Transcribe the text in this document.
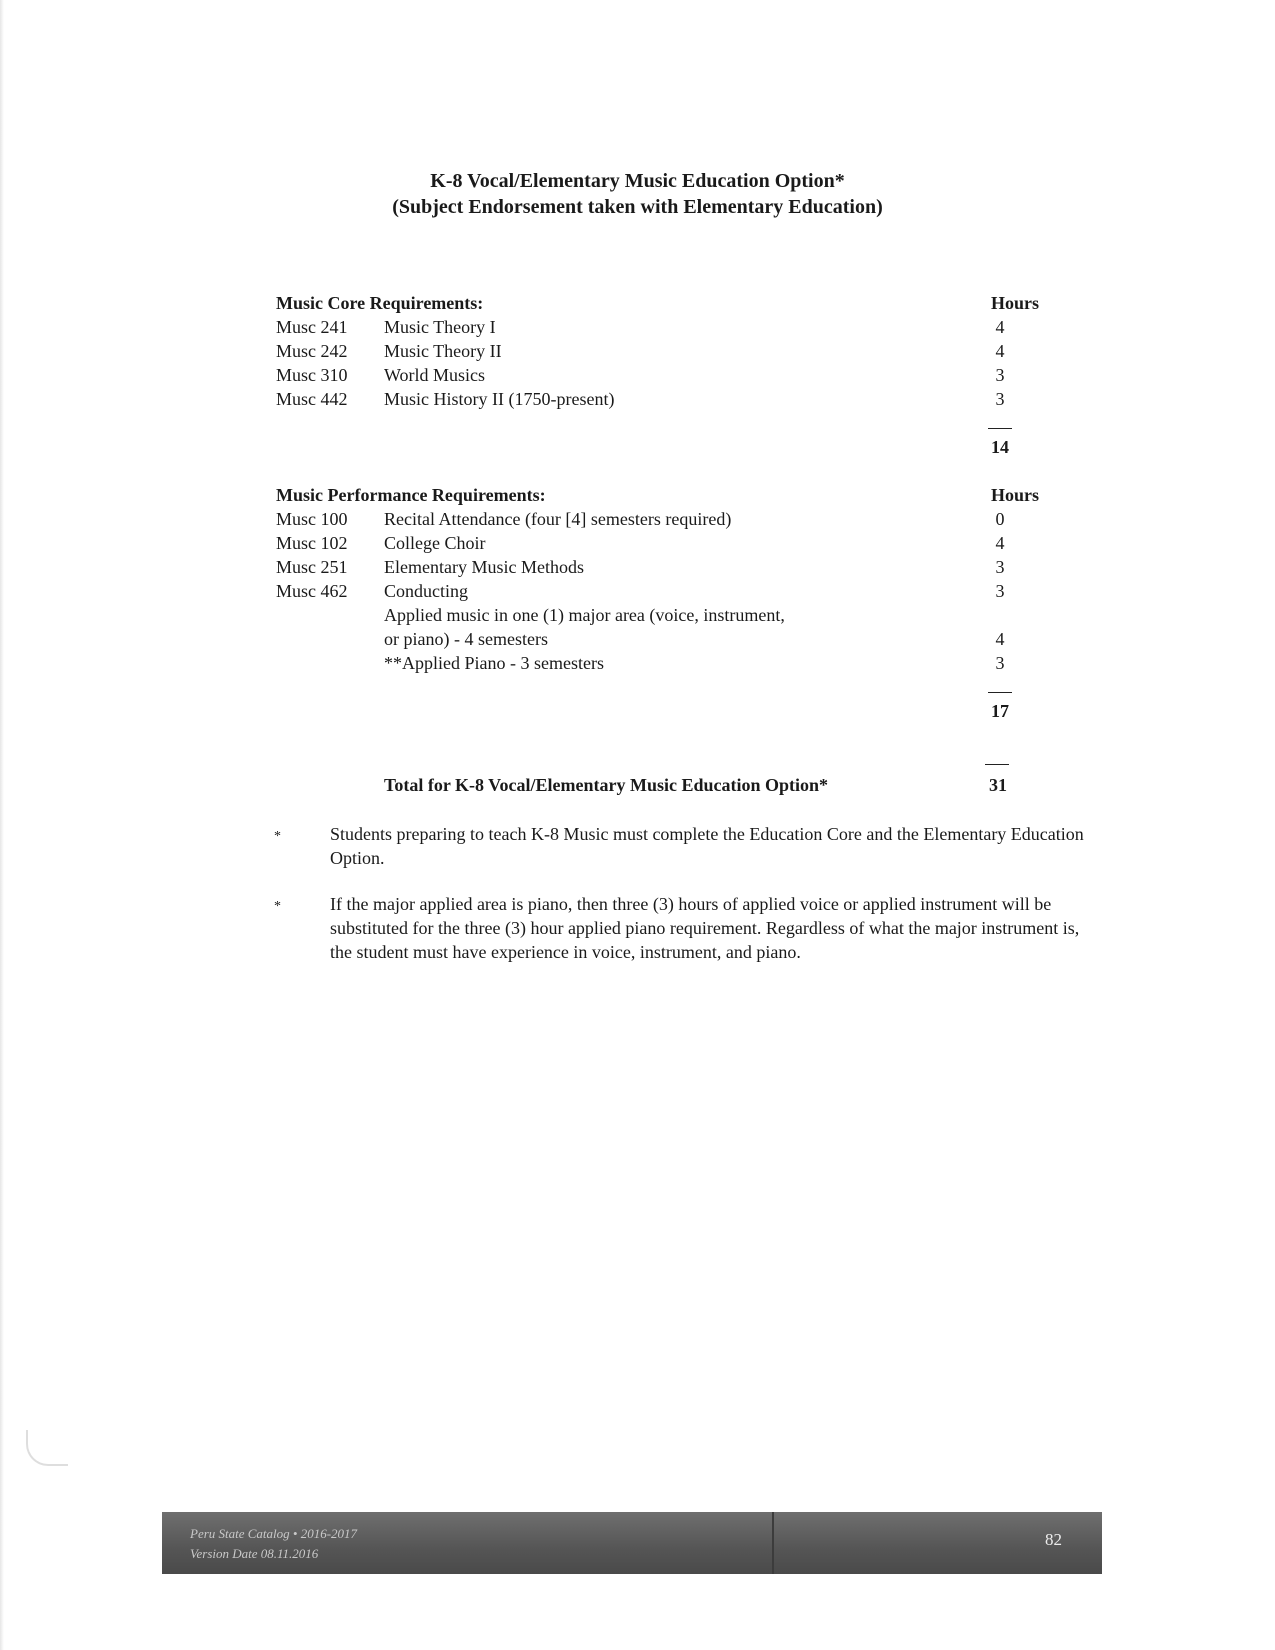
K-8 Vocal/Elementary Music Education Option*
(Subject Endorsement taken with Elementary Education)
Music Core Requirements:	Hours
Musc 241	Music Theory I	4
Musc 242	Music Theory II	4
Musc 310	World Musics	3
Musc 442	Music History II (1750-present)	3
14
Music Performance Requirements:	Hours
Musc 100	Recital Attendance (four [4] semesters required)	0
Musc 102	College Choir	4
Musc 251	Elementary Music Methods	3
Musc 462	Conducting	3
Applied music in one (1) major area (voice, instrument,
or piano) - 4 semesters	4
**Applied Piano - 3 semesters	3
17
Total for K-8 Vocal/Elementary Music Education Option*	31
*	Students preparing to teach K-8 Music must complete the Education Core and the Elementary Education Option.
*	If the major applied area is piano, then three (3) hours of applied voice or applied instrument will be substituted for the three (3) hour applied piano requirement. Regardless of what the major instrument is, the student must have experience in voice, instrument, and piano.
Peru State Catalog • 2016-2017
Version Date 08.11.2016
82
